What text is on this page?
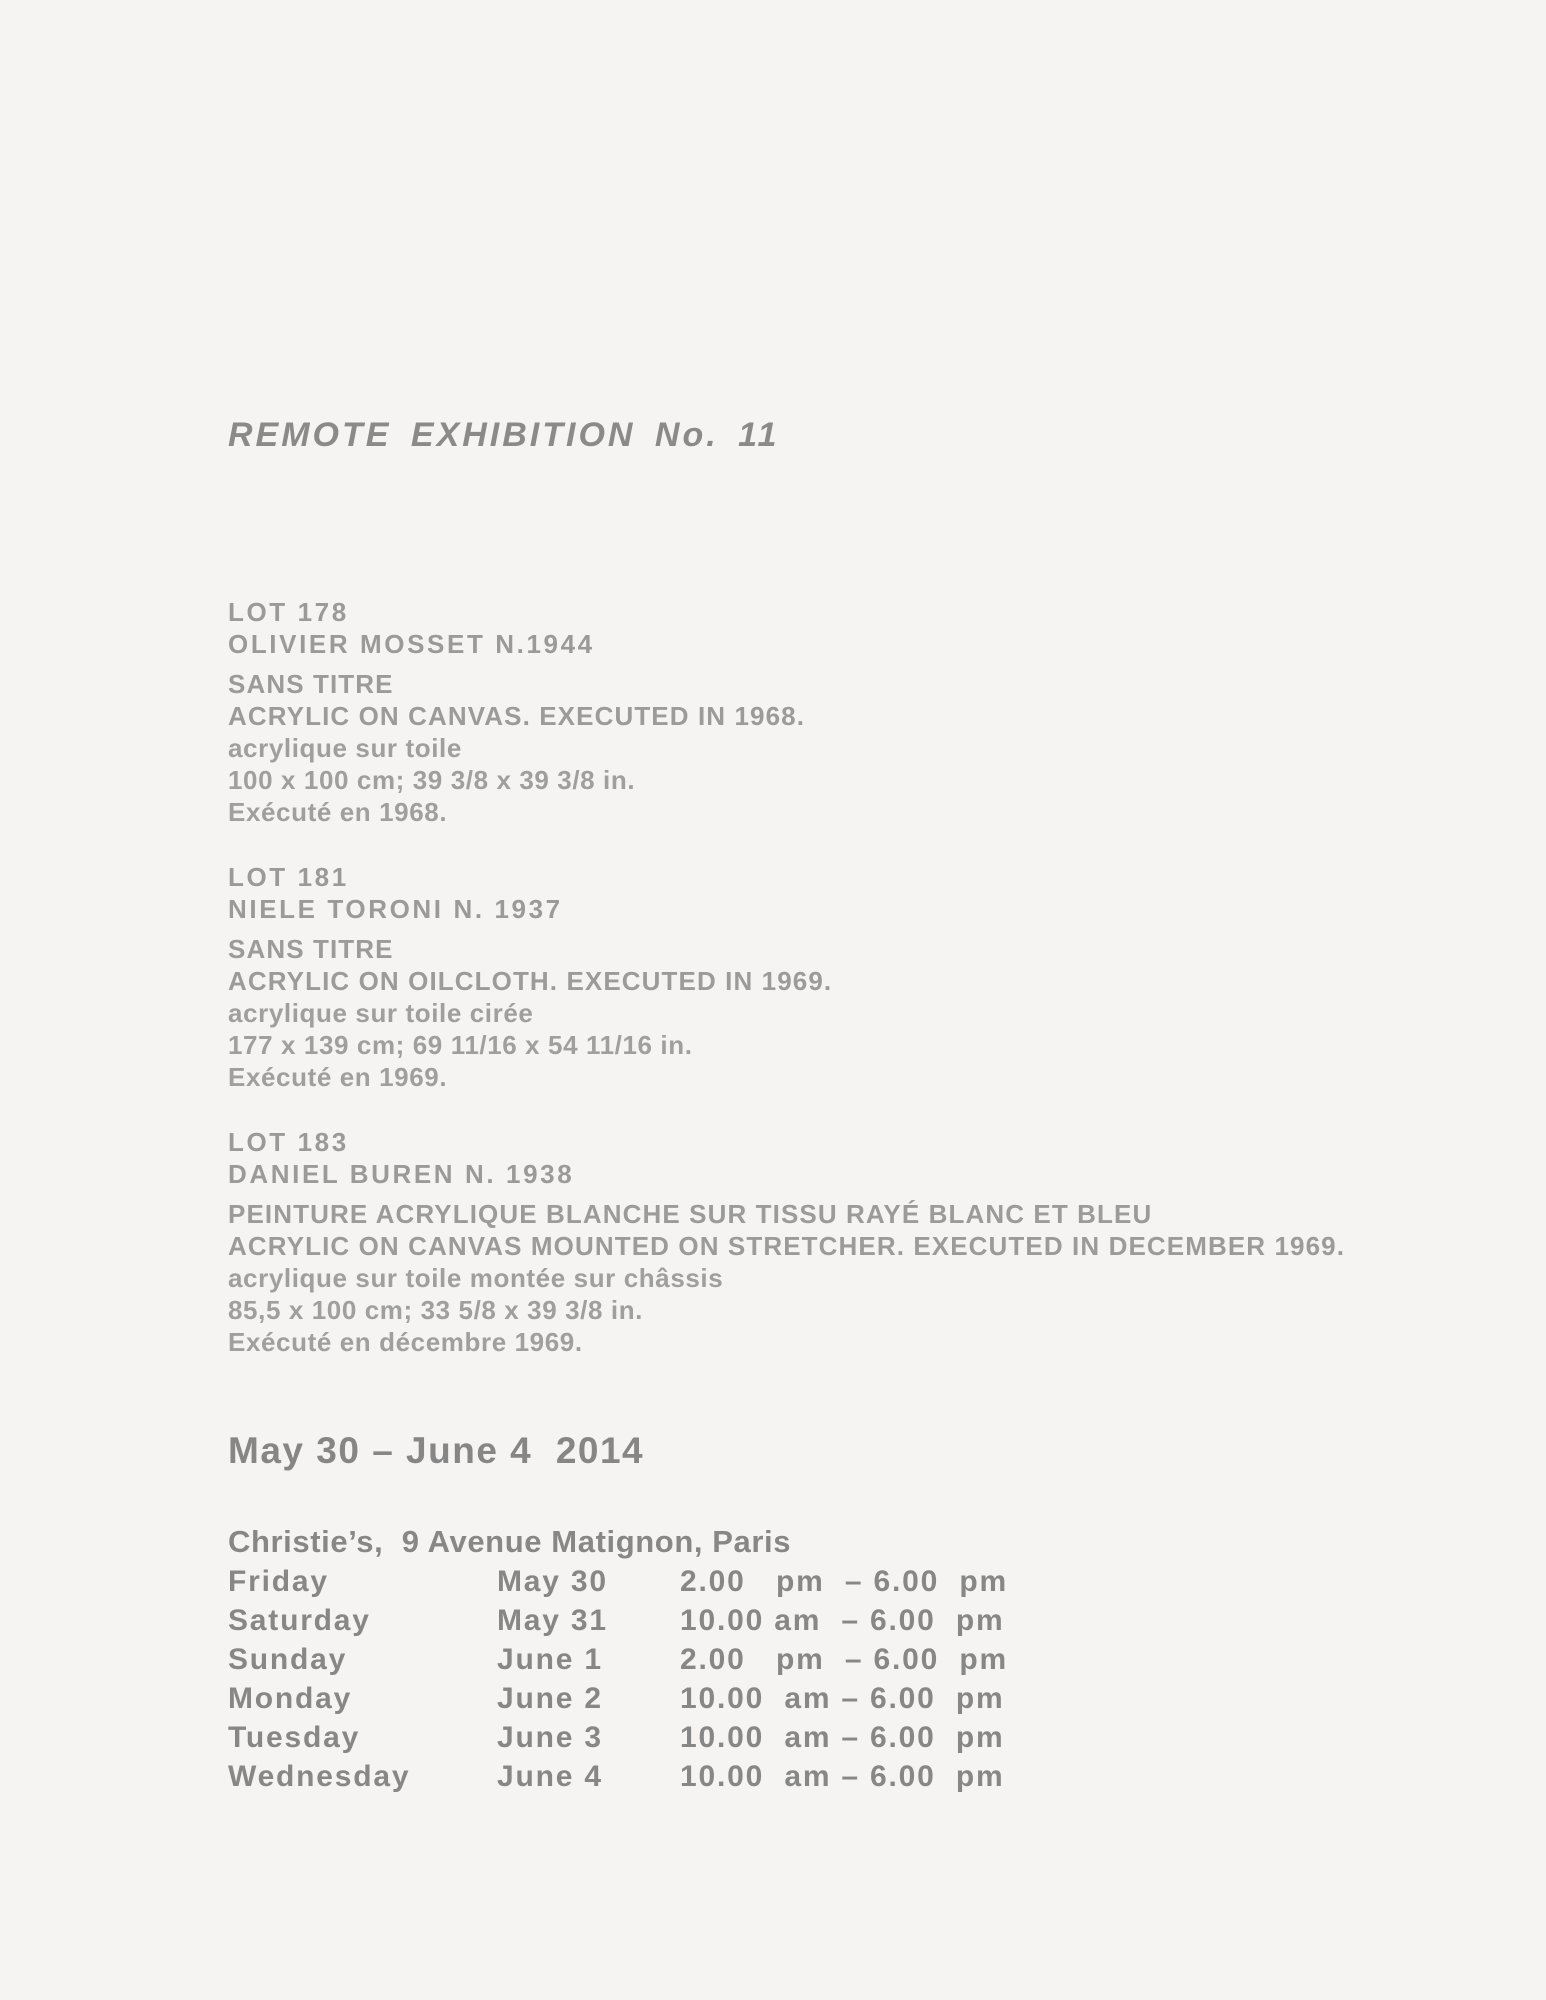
REMOTE EXHIBITION No. 11
LOT 178
OLIVIER MOSSET N.1944
SANS TITRE
ACRYLIC ON CANVAS. EXECUTED IN 1968.
acrylique sur toile
100 x 100 cm; 39 3/8 x 39 3/8 in.
Exécuté en 1968.
LOT 181
NIELE TORONI N. 1937
SANS TITRE
ACRYLIC ON OILCLOTH. EXECUTED IN 1969.
acrylique sur toile cirée
177 x 139 cm; 69 11/16 x 54 11/16 in.
Exécuté en 1969.
LOT 183
DANIEL BUREN N. 1938
PEINTURE ACRYLIQUE BLANCHE SUR TISSU RAYÉ BLANC ET BLEU
ACRYLIC ON CANVAS MOUNTED ON STRETCHER. EXECUTED IN DECEMBER 1969.
acrylique sur toile montée sur châssis
85,5 x 100 cm; 33 5/8 x 39 3/8 in.
Exécuté en décembre 1969.
May 30 – June 4  2014
Christie’s,  9 Avenue Matignon, Paris
Friday	May 30	2.00   pm  – 6.00  pm
Saturday	May 31	10.00 am  – 6.00  pm
Sunday	June 1	2.00   pm  – 6.00  pm
Monday	June 2	10.00  am – 6.00  pm
Tuesday	June 3	10.00  am – 6.00  pm
Wednesday	June 4	10.00  am – 6.00  pm
